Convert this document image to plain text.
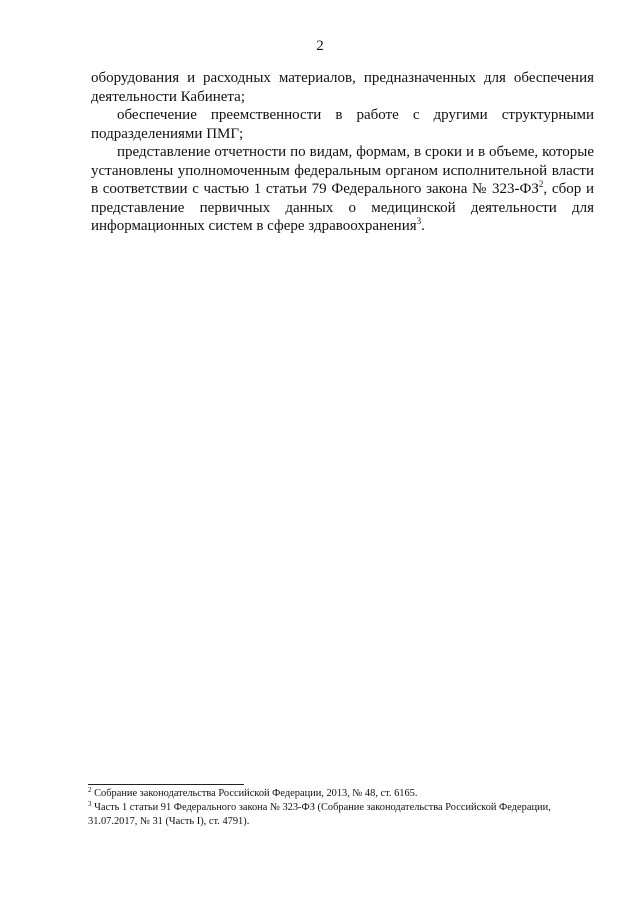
2

оборудования и расходных материалов, предназначенных для обеспечения деятельности Кабинета;

обеспечение преемственности в работе с другими структурными подразделениями ПМГ;

представление отчетности по видам, формам, в сроки и в объеме, которые установлены уполномоченным федеральным органом исполнительной власти в соответствии с частью 1 статьи 79 Федерального закона № $323-ФЗ^2$, сбор и представление первичных данных о медицинской деятельности для информационных систем в сфере здравоохранения$^3$.

$^2$ Собрание законодательства Российской Федерации, 2013, № 48, ст. 6165.

$^3$ Часть 1 статьи 91 Федерального закона № 323-ФЗ (Собрание законодательства Российской Федерации, 31.07.2017, № 31 (Часть I), ст. 4791).
